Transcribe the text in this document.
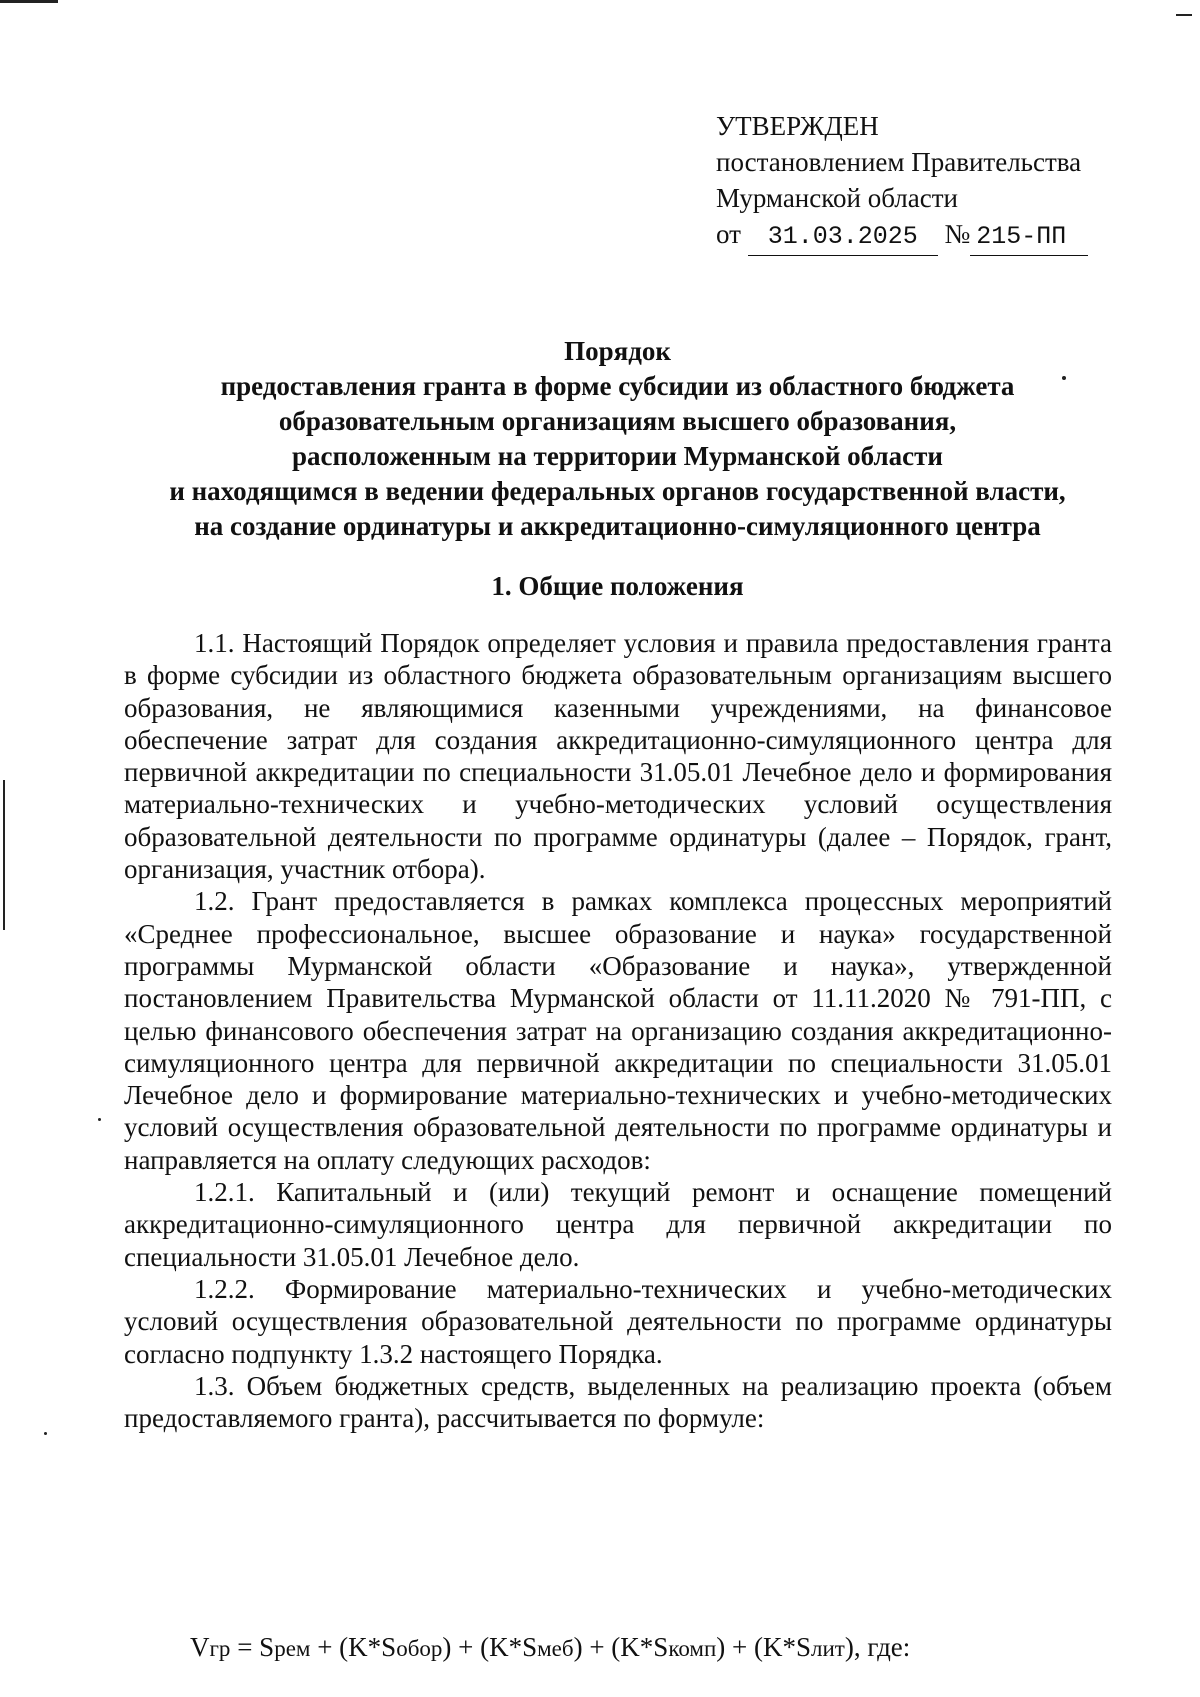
УТВЕРЖДЕН
постановлением Правительства
Мурманской области
от 31.03.2025 № 215-ПП
Порядок
предоставления гранта в форме субсидии из областного бюджета
образовательным организациям высшего образования,
расположенным на территории Мурманской области
и находящимся в ведении федеральных органов государственной власти,
на создание ординатуры и аккредитационно-симуляционного центра
1. Общие положения

1.1. Настоящий Порядок определяет условия и правила предоставления гранта в форме субсидии из областного бюджета образовательным организациям высшего образования, не являющимися казенными учреждениями, на финансовое обеспечение затрат для создания аккредитационно-симуляционного центра для первичной аккредитации по специальности 31.05.01 Лечебное дело и формирования материально-технических и учебно-методических условий осуществления образовательной деятельности по программе ординатуры (далее – Порядок, грант, организация, участник отбора).

1.2. Грант предоставляется в рамках комплекса процессных мероприятий «Среднее профессиональное, высшее образование и наука» государственной программы Мурманской области «Образование и наука», утвержденной постановлением Правительства Мурманской области от 11.11.2020 № 791-ПП, с целью финансового обеспечения затрат на организацию создания аккредитационно-симуляционного центра для первичной аккредитации по специальности 31.05.01 Лечебное дело и формирование материально-технических и учебно-методических условий осуществления образовательной деятельности по программе ординатуры и направляется на оплату следующих расходов:

1.2.1. Капитальный и (или) текущий ремонт и оснащение помещений аккредитационно-симуляционного центра для первичной аккредитации по специальности 31.05.01 Лечебное дело.

1.2.2. Формирование материально-технических и учебно-методических условий осуществления образовательной деятельности по программе ординатуры согласно подпункту 1.3.2 настоящего Порядка.

1.3. Объем бюджетных средств, выделенных на реализацию проекта (объем предоставляемого гранта), рассчитывается по формуле:

Vгр = Sрем + (K*Sобор) + (K*Sмеб) + (K*Sкомп) + (K*Sлит), где:
